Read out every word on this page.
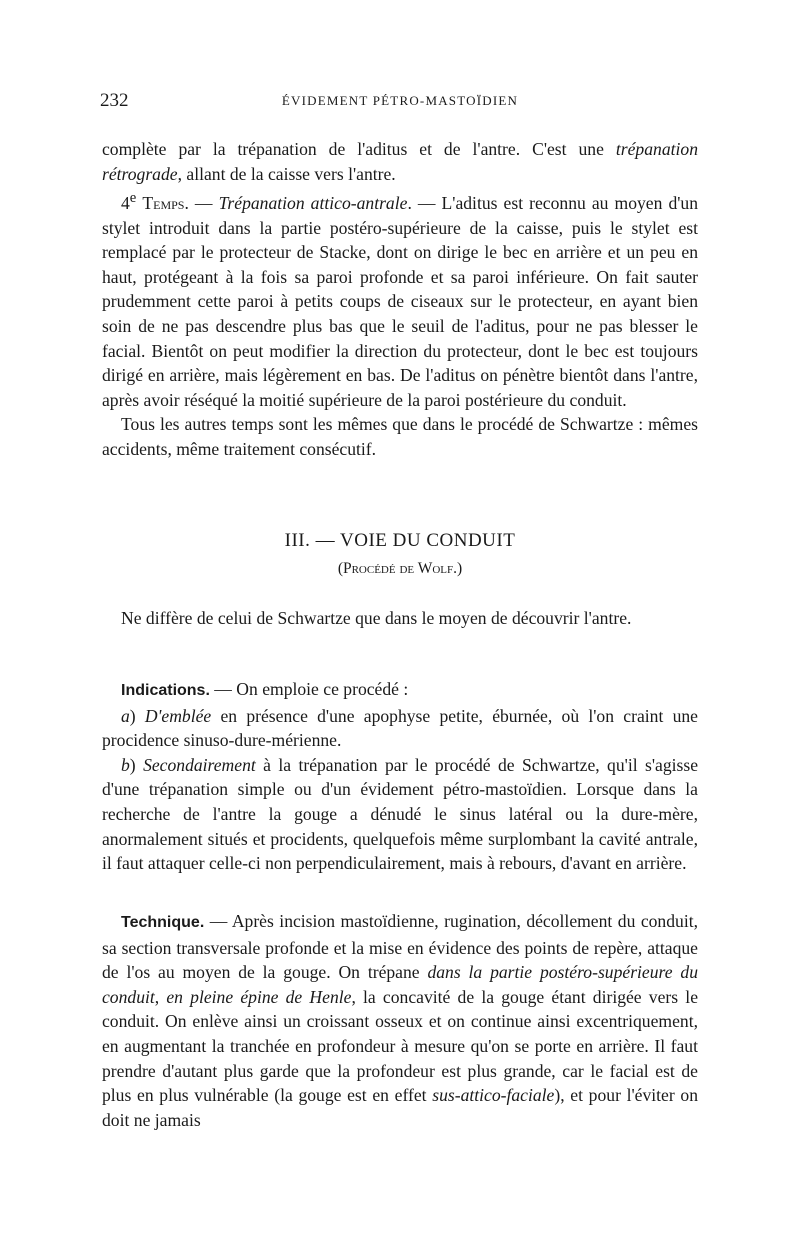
232	ÉVIDEMENT PÉTRO-MASTOÏDIEN

complète par la trépanation de l'aditus et de l'antre. C'est une trépanation rétrograde, allant de la caisse vers l'antre.

4e Temps. — Trépanation attico-antrale. — L'aditus est reconnu au moyen d'un stylet introduit dans la partie postéro-supérieure de la caisse, puis le stylet est remplacé par le protecteur de Stacke, dont on dirige le bec en arrière et un peu en haut, protégeant à la fois sa paroi profonde et sa paroi inférieure. On fait sauter prudemment cette paroi à petits coups de ciseaux sur le protecteur, en ayant bien soin de ne pas descendre plus bas que le seuil de l'aditus, pour ne pas blesser le facial. Bientôt on peut modifier la direction du protecteur, dont le bec est toujours dirigé en arrière, mais légèrement en bas. De l'aditus on pénètre bientôt dans l'antre, après avoir réséqué la moitié supérieure de la paroi postérieure du conduit.

Tous les autres temps sont les mêmes que dans le procédé de Schwartze : mêmes accidents, même traitement consécutif.

III. — VOIE DU CONDUIT
(Procédé de Wolf.)

Ne diffère de celui de Schwartze que dans le moyen de découvrir l'antre.

Indications. — On emploie ce procédé :

a) D'emblée en présence d'une apophyse petite, éburnée, où l'on craint une procidence sinuso-dure-mérienne.

b) Secondairement à la trépanation par le procédé de Schwartze, qu'il s'agisse d'une trépanation simple ou d'un évidement pétro-mastoïdien. Lorsque dans la recherche de l'antre la gouge a dénudé le sinus latéral ou la dure-mère, anormalement situés et procidents, quelquefois même surplombant la cavité antrale, il faut attaquer celle-ci non perpendiculairement, mais à rebours, d'avant en arrière.

Technique. — Après incision mastoïdienne, rugination, décollement du conduit, sa section transversale profonde et la mise en évidence des points de repère, attaque de l'os au moyen de la gouge. On trépane dans la partie postéro-supérieure du conduit, en pleine épine de Henle, la concavité de la gouge étant dirigée vers le conduit. On enlève ainsi un croissant osseux et on continue ainsi excentriquement, en augmentant la tranchée en profondeur à mesure qu'on se porte en arrière. Il faut prendre d'autant plus garde que la profondeur est plus grande, car le facial est de plus en plus vulnérable (la gouge est en effet sus-attico-faciale), et pour l'éviter on doit ne jamais
